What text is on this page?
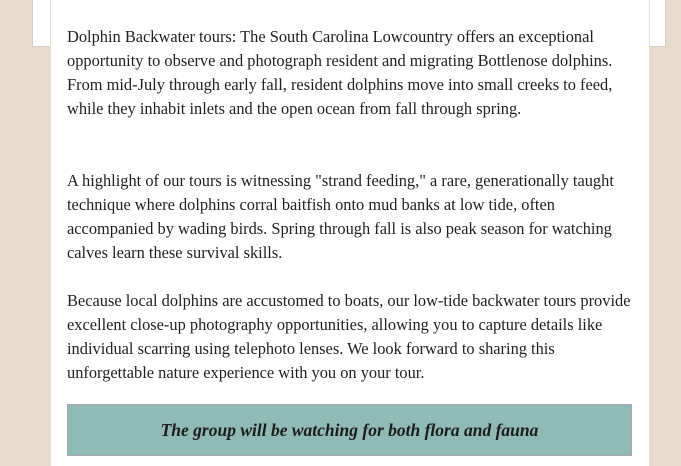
Dolphin Backwater tours: The South Carolina Lowcountry offers an exceptional opportunity to observe and photograph resident and migrating Bottlenose dolphins. From mid-July through early fall, resident dolphins move into small creeks to feed, while they inhabit inlets and the open ocean from fall through spring.

A highlight of our tours is witnessing "strand feeding," a rare, generationally taught technique where dolphins corral baitfish onto mud banks at low tide, often accompanied by wading birds. Spring through fall is also peak season for watching calves learn these survival skills.

Because local dolphins are accustomed to boats, our low-tide backwater tours provide excellent close-up photography opportunities, allowing you to capture details like individual scarring using telephoto lenses. We look forward to sharing this unforgettable nature experience with you on your tour.

The group will be watching for both flora and fauna
